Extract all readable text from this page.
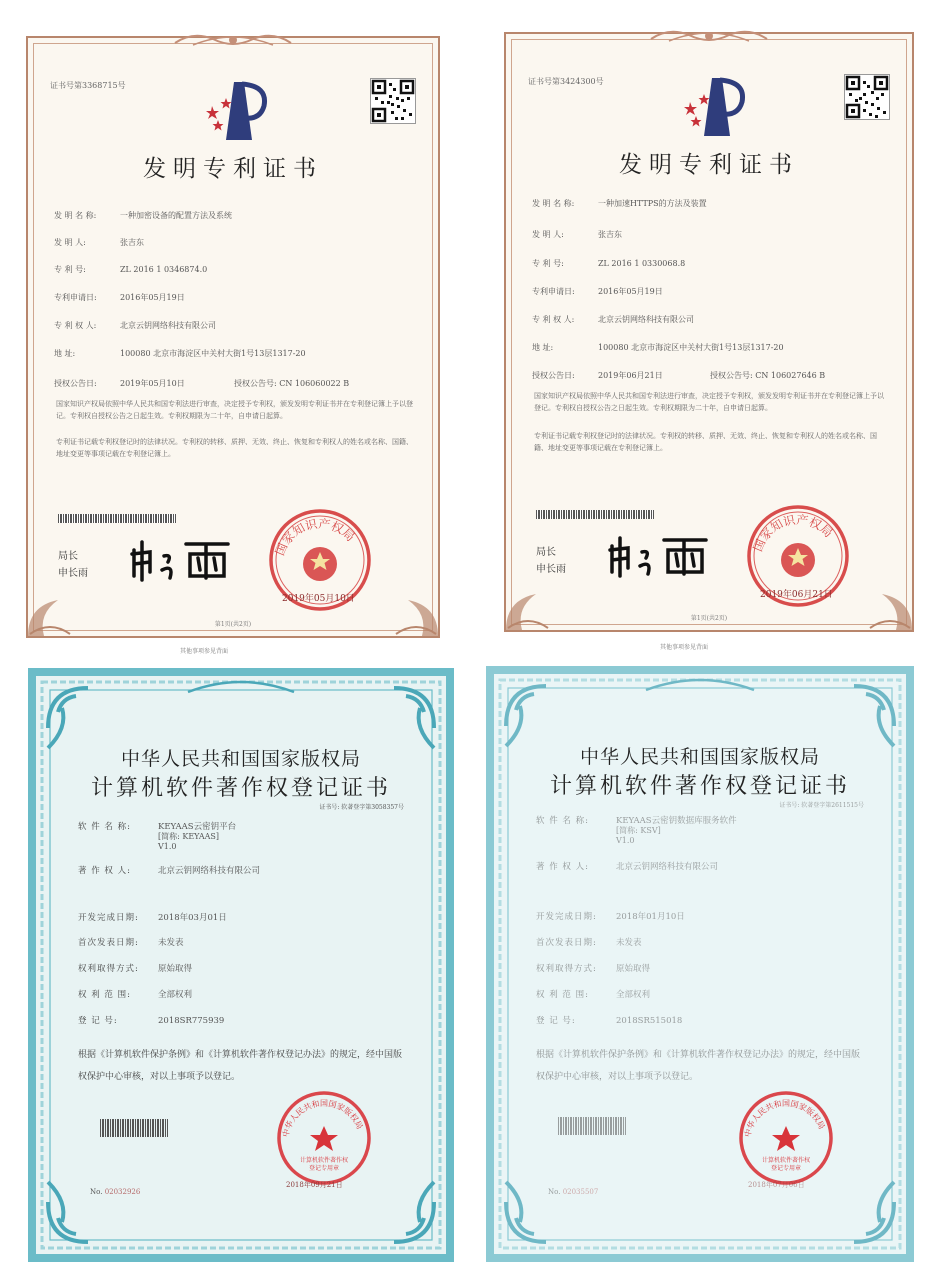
证书号第3368715号
发明专利证书
发 明 名 称:	一种加密设备的配置方法及系统
发 明 人:	张吉东
专 利 号:	ZL 2016 1 0346874.0
专利申请日:	2016年05月19日
专 利 权 人:	北京云钥网络科技有限公司
地 址:	100080 北京市海淀区中关村大街1号13层1317-20
授权公告日:	2019年05月10日	授权公告号: CN 106060022 B
国家知识产权局依照中华人民共和国专利法进行审查，决定授予专利权，颁发发明专利证书并在专利登记簿上予以登记。专利权自授权公告之日起生效。专利权期限为二十年，自申请日起算。
专利证书记载专利权登记时的法律状况。专利权的转移、质押、无效、终止、恢复和专利权人的姓名或名称、国籍、地址变更等事项记载在专利登记簿上。
局长
申长雨
国家知识产权局
2019年05月10日
第1页(共2页)
其他事项参见背面
证书号第3424300号
发明专利证书
发 明 名 称:	一种加速HTTPS的方法及装置
发 明 人:	张吉东
专 利 号:	ZL 2016 1 0330068.8
专利申请日:	2016年05月19日
专 利 权 人:	北京云钥网络科技有限公司
地 址:	100080 北京市海淀区中关村大街1号13层1317-20
授权公告日:	2019年06月21日	授权公告号: CN 106027646 B
国家知识产权局依照中华人民共和国专利法进行审查，决定授予专利权，颁发发明专利证书并在专利登记簿上予以登记。专利权自授权公告之日起生效。专利权期限为二十年，自申请日起算。
专利证书记载专利权登记时的法律状况。专利权的转移、质押、无效、终止、恢复和专利权人的姓名或名称、国籍、地址变更等事项记载在专利登记簿上。
局长
申长雨
国家知识产权局
2019年06月21日
第1页(共2页)
其他事项参见背面
中华人民共和国国家版权局
计算机软件著作权登记证书
证书号: 软著登字第3058357号
软 件 名 称:	KEYAAS云密钥平台
[简称: KEYAAS]
V1.0
著 作 权 人:	北京云钥网络科技有限公司
开发完成日期: 2018年03月01日
首次发表日期: 未发表
权利取得方式: 原始取得
权 利 范 围:	全部权利
登 记 号:	2018SR775939
根据《计算机软件保护条例》和《计算机软件著作权登记办法》的规定，经中国版权保护中心审核，对以上事项予以登记。
中华人民共和国国家版权局
计算机软件著作权
登记专用章
2018年09月21日
No. 02032926
中华人民共和国国家版权局
计算机软件著作权登记证书
证书号: 软著登字第2611515号
软 件 名 称:	KEYAAS云密钥数据库服务软件
[简称: KSV]
V1.0
著 作 权 人:	北京云钥网络科技有限公司
开发完成日期: 2018年01月10日
首次发表日期: 未发表
权利取得方式: 原始取得
权 利 范 围:	全部权利
登 记 号:	2018SR515018
根据《计算机软件保护条例》和《计算机软件著作权登记办法》的规定，经中国版权保护中心审核，对以上事项予以登记。
中华人民共和国国家版权局
计算机软件著作权
登记专用章
2018年07月06日
No. 02035507
